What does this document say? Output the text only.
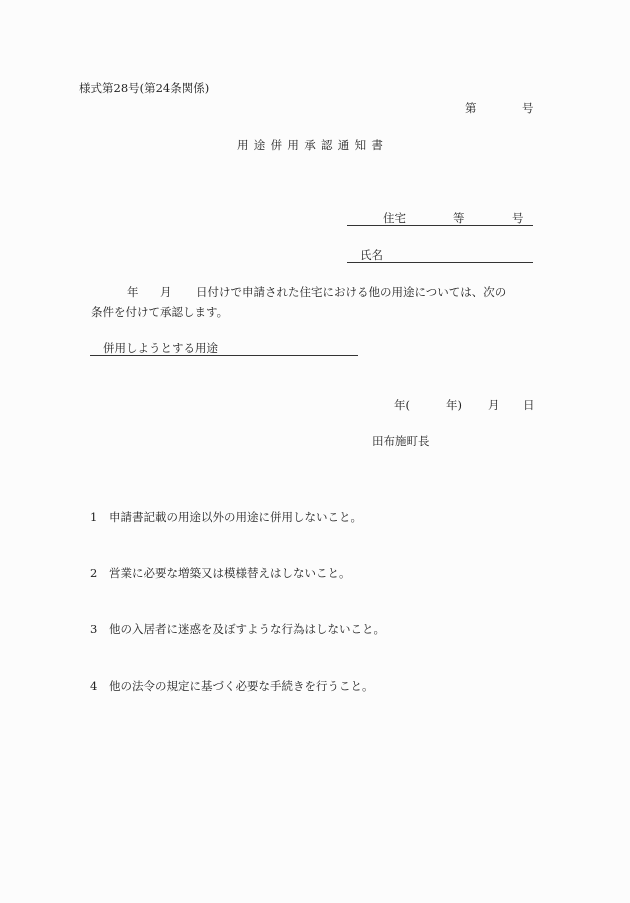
様式第28号(第24条関係)
第	号
用途併用承認通知書
住宅	等	号
氏名
年 月 日付けで申請された住宅における他の用途については、次の
条件を付けて承認します。
併用しようとする用途
年(	年) 月 日
田布施町長
1 申請書記載の用途以外の用途に併用しないこと。
2 営業に必要な増築又は模様替えはしないこと。
3 他の入居者に迷惑を及ぼすような行為はしないこと。
4 他の法令の規定に基づく必要な手続きを行うこと。
